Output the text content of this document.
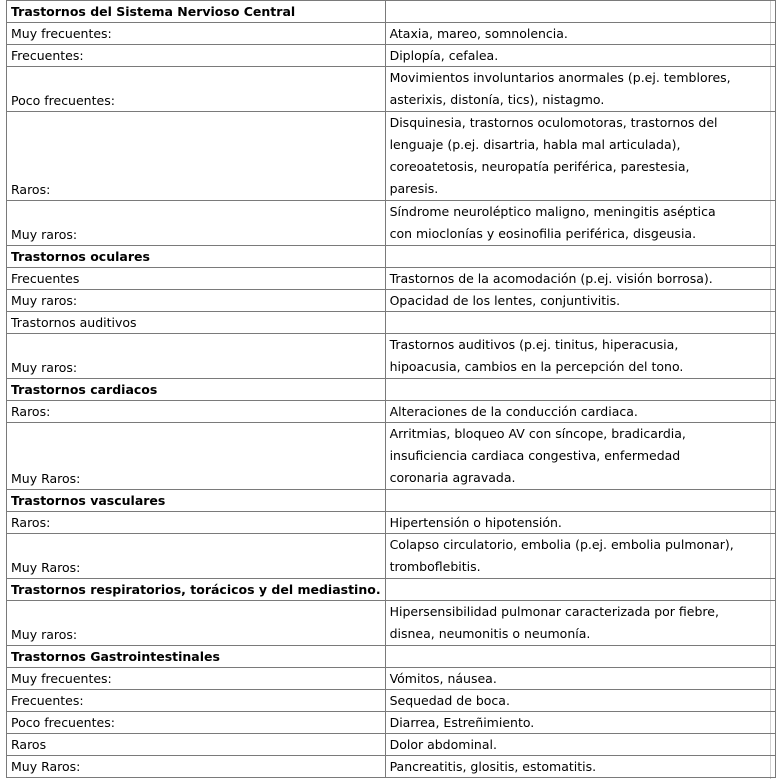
Trastornos del Sistema Nervioso Central	
Muy frecuentes:	Ataxia, mareo, somnolencia.
Frecuentes:	Diplopía, cefalea.
Poco frecuentes:	Movimientos involuntarios anormales (p.ej. temblores,
asterixis, distonía, tics), nistagmo.

Raros:	Disquinesia, trastornos oculomotoras, trastornos del
lenguaje (p.ej. disartria, habla mal articulada),
coreoatetosis, neuropatía periférica, parestesia,
paresis.

Muy raros:	Síndrome neuroléptico maligno, meningitis aséptica
con mioclonías y eosinofilia periférica, disgeusia.

Trastornos oculares	
Frecuentes	Trastornos de la acomodación (p.ej. visión borrosa).
Muy raros:	Opacidad de los lentes, conjuntivitis.
Trastornos auditivos	
Muy raros:	Trastornos auditivos (p.ej. tinitus, hiperacusia,
hipoacusia, cambios en la percepción del tono.

Trastornos cardiacos	
Raros:	Alteraciones de la conducción cardiaca.
Muy Raros:	Arritmias, bloqueo AV con síncope, bradicardia,
insuficiencia cardiaca congestiva, enfermedad
coronaria agravada.

Trastornos vasculares	
Raros:	Hipertensión o hipotensión.
Muy Raros:	Colapso circulatorio, embolia (p.ej. embolia pulmonar),
tromboflebitis.

Trastornos respiratorios, torácicos y del mediastino.	
Muy raros:	Hipersensibilidad pulmonar caracterizada por fiebre,
disnea, neumonitis o neumonía.

Trastornos Gastrointestinales	
Muy frecuentes:	Vómitos, náusea.
Frecuentes:	Sequedad de boca.
Poco frecuentes:	Diarrea, Estreñimiento.
Raros	Dolor abdominal.
Muy Raros:	Pancreatitis, glositis, estomatitis.
